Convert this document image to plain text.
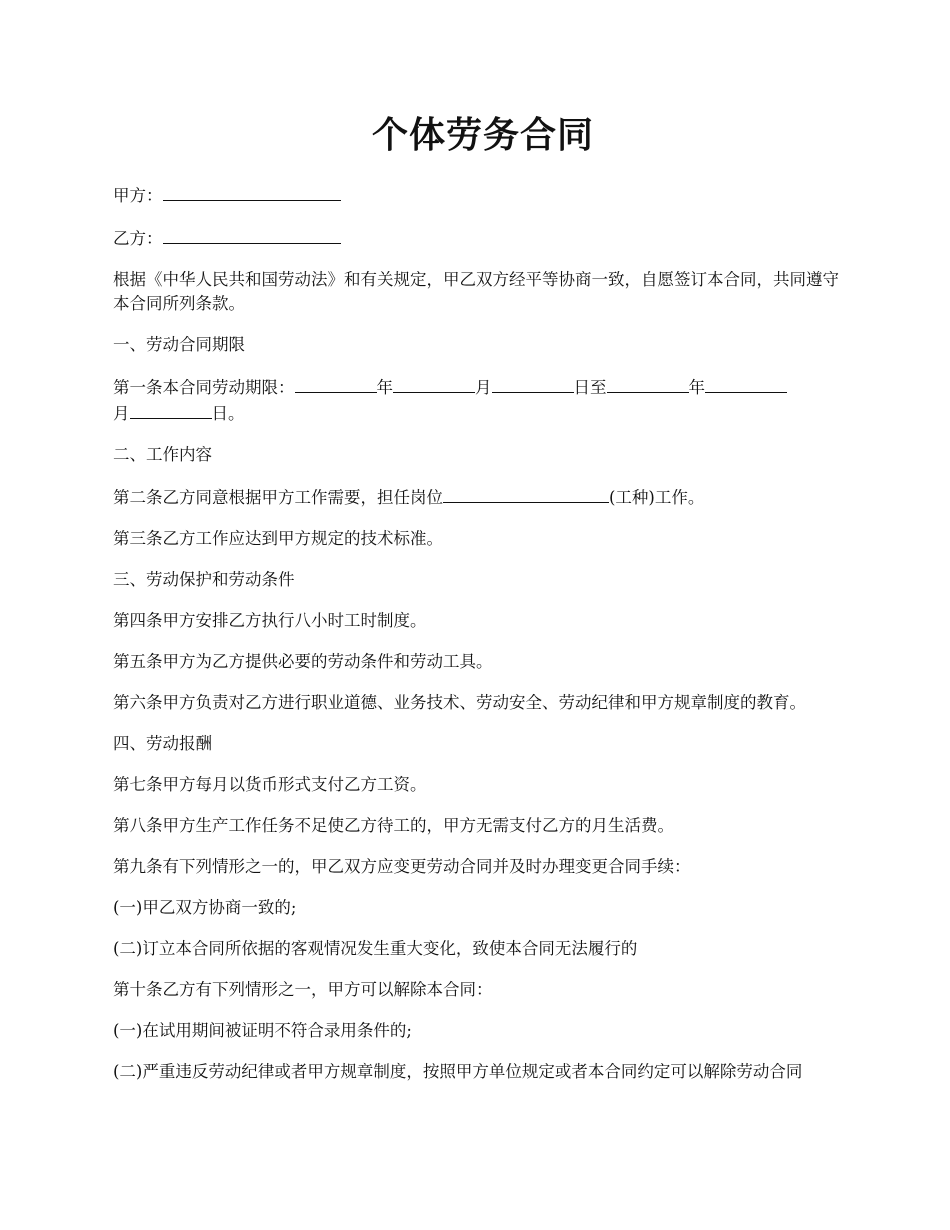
个体劳务合同

甲方：

乙方：

根据《中华人民共和国劳动法》和有关规定，甲乙双方经平等协商一致，自愿签订本合同，共同遵守本合同所列条款。

一、劳动合同期限

第一条本合同劳动期限：	年	月	日至	年
月	日。

二、工作内容

第二条乙方同意根据甲方工作需要，担任岗位	(工种)工作。

第三条乙方工作应达到甲方规定的技术标准。

三、劳动保护和劳动条件

第四条甲方安排乙方执行八小时工时制度。

第五条甲方为乙方提供必要的劳动条件和劳动工具。

第六条甲方负责对乙方进行职业道德、业务技术、劳动安全、劳动纪律和甲方规章制度的教育。

四、劳动报酬

第七条甲方每月以货币形式支付乙方工资。

第八条甲方生产工作任务不足使乙方待工的，甲方无需支付乙方的月生活费。

第九条有下列情形之一的，甲乙双方应变更劳动合同并及时办理变更合同手续：

(一)甲乙双方协商一致的;

(二)订立本合同所依据的客观情况发生重大变化，致使本合同无法履行的

第十条乙方有下列情形之一，甲方可以解除本合同：

(一)在试用期间被证明不符合录用条件的;

(二)严重违反劳动纪律或者甲方规章制度，按照甲方单位规定或者本合同约定可以解除劳动合同
